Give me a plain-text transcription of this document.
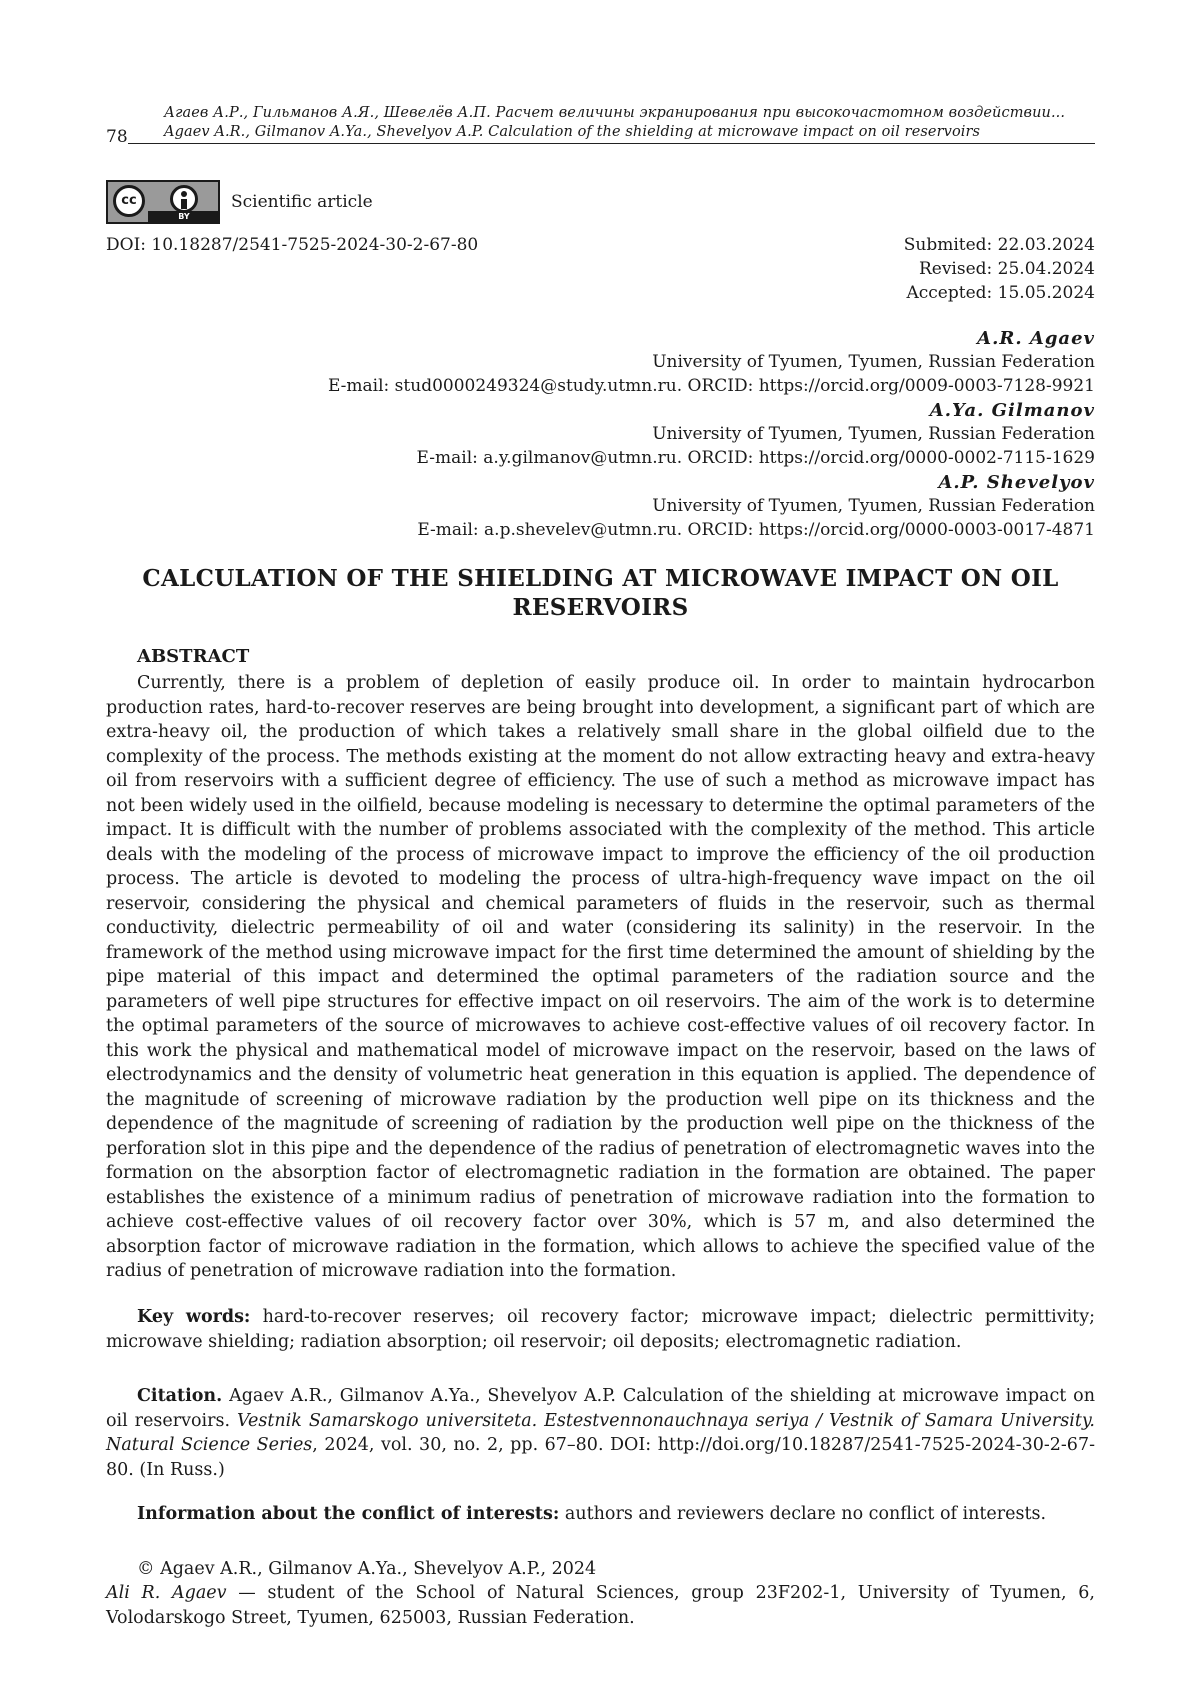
Агаев А.Р., Гильманов А.Я., Шевелёв А.П. Расчет величины экранирования при высокочастотном воздействии...
78	Agaev A.R., Gilmanov A.Ya., Shevelyov A.P. Calculation of the shielding at microwave impact on oil reservoirs
cc
BY
Scientific article
DOI: 10.18287/2541-7525-2024-30-2-67-80	Submited: 22.03.2024
Revised: 25.04.2024
Accepted: 15.05.2024
A.R. Agaev
University of Tyumen, Tyumen, Russian Federation
E-mail: stud0000249324@study.utmn.ru. ORCID: https://orcid.org/0009-0003-7128-9921
A.Ya. Gilmanov
University of Tyumen, Tyumen, Russian Federation
E-mail: a.y.gilmanov@utmn.ru. ORCID: https://orcid.org/0000-0002-7115-1629
A.P. Shevelyov
University of Tyumen, Tyumen, Russian Federation
E-mail: a.p.shevelev@utmn.ru. ORCID: https://orcid.org/0000-0003-0017-4871
CALCULATION OF THE SHIELDING AT MICROWAVE IMPACT ON OIL RESERVOIRS
ABSTRACT

Currently, there is a problem of depletion of easily produce oil. In order to maintain hydrocarbon production rates, hard-to-recover reserves are being brought into development, a significant part of which are extra-heavy oil, the production of which takes a relatively small share in the global oilfield due to the complexity of the process. The methods existing at the moment do not allow extracting heavy and extra-heavy oil from reservoirs with a sufficient degree of efficiency. The use of such a method as microwave impact has not been widely used in the oilfield, because modeling is necessary to determine the optimal parameters of the impact. It is difficult with the number of problems associated with the complexity of the method. This article deals with the modeling of the process of microwave impact to improve the efficiency of the oil production process. The article is devoted to modeling the process of ultra-high-frequency wave impact on the oil reservoir, considering the physical and chemical parameters of fluids in the reservoir, such as thermal conductivity, dielectric permeability of oil and water (considering its salinity) in the reservoir. In the framework of the method using microwave impact for the first time determined the amount of shielding by the pipe material of this impact and determined the optimal parameters of the radiation source and the parameters of well pipe structures for effective impact on oil reservoirs. The aim of the work is to determine the optimal parameters of the source of microwaves to achieve cost-effective values of oil recovery factor. In this work the physical and mathematical model of microwave impact on the reservoir, based on the laws of electrodynamics and the density of volumetric heat generation in this equation is applied. The dependence of the magnitude of screening of microwave radiation by the production well pipe on its thickness and the dependence of the magnitude of screening of radiation by the production well pipe on the thickness of the perforation slot in this pipe and the dependence of the radius of penetration of electromagnetic waves into the formation on the absorption factor of electromagnetic radiation in the formation are obtained. The paper establishes the existence of a minimum radius of penetration of microwave radiation into the formation to achieve cost-effective values of oil recovery factor over 30%, which is 57 m, and also determined the absorption factor of microwave radiation in the formation, which allows to achieve the specified value of the radius of penetration of microwave radiation into the formation.

Key words: hard-to-recover reserves; oil recovery factor; microwave impact; dielectric permittivity; microwave shielding; radiation absorption; oil reservoir; oil deposits; electromagnetic radiation.

Citation. Agaev A.R., Gilmanov A.Ya., Shevelyov A.P. Calculation of the shielding at microwave impact on oil reservoirs. Vestnik Samarskogo universiteta. Estestvennonauchnaya seriya / Vestnik of Samara University. Natural Science Series, 2024, vol. 30, no. 2, pp. 67–80. DOI: http://doi.org/10.18287/2541-7525-2024-30-2-67-80. (In Russ.)

Information about the conflict of interests: authors and reviewers declare no conflict of interests.

© Agaev A.R., Gilmanov A.Ya., Shevelyov A.P., 2024

Ali R. Agaev — student of the School of Natural Sciences, group 23F202-1, University of Tyumen, 6, Volodarskogo Street, Tyumen, 625003, Russian Federation.
